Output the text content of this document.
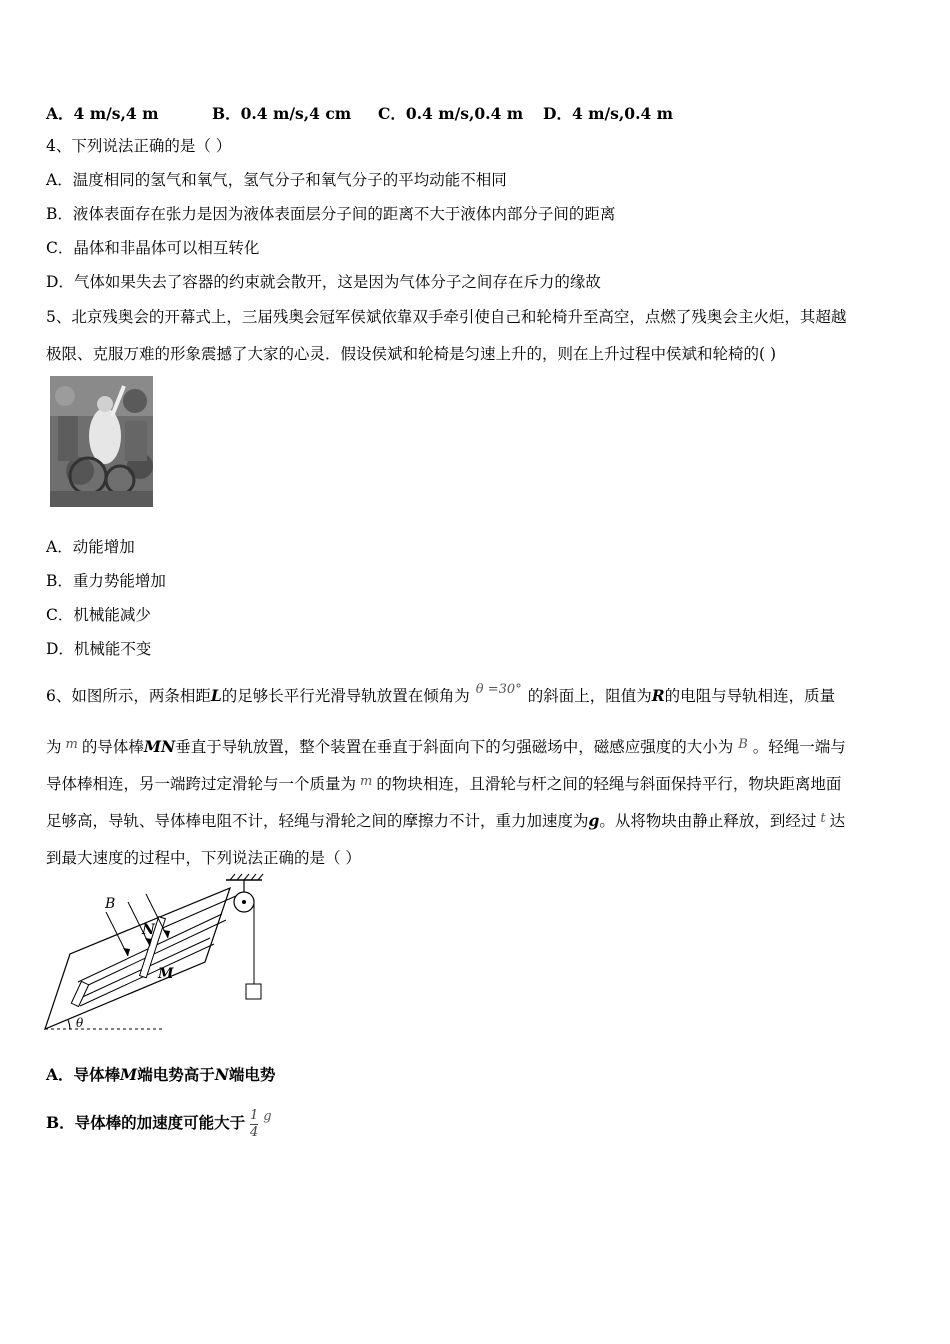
A．4 m/s,4 m	B．0.4 m/s,4 cm C．0.4 m/s,0.4 m D．4 m/s,0.4 m
4、下列说法正确的是（ ）
A．温度相同的氢气和氧气，氢气分子和氧气分子的平均动能不相同
B．液体表面存在张力是因为液体表面层分子间的距离不大于液体内部分子间的距离
C．晶体和非晶体可以相互转化
D．气体如果失去了容器的约束就会散开，这是因为气体分子之间存在斥力的缘故
5、北京残奥会的开幕式上，三届残奥会冠军侯斌依靠双手牵引使自己和轮椅升至高空，点燃了残奥会主火炬，其超越
极限、克服万难的形象震撼了大家的心灵．假设侯斌和轮椅是匀速上升的，则在上升过程中侯斌和轮椅的( )
A．动能增加
B．重力势能增加
C．机械能减少
D．机械能不变
6、如图所示，两条相距L的足够长平行光滑导轨放置在倾角为 $^{\theta =30^\circ}$ 的斜面上，阻值为R的电阻与导轨相连，质量
为 $^m$ 的导体棒MN垂直于导轨放置，整个装置在垂直于斜面向下的匀强磁场中，磁感应强度的大小为 $^B$ 。轻绳一端与
导体棒相连，另一端跨过定滑轮与一个质量为 $^m$ 的物块相连，且滑轮与杆之间的轻绳与斜面保持平行，物块距离地面
足够高，导轨、导体棒电阻不计，轻绳与滑轮之间的摩擦力不计，重力加速度为g。从将物块由静止释放，到经过 $^t$ 达
到最大速度的过程中，下列说法正确的是（ ）
B
N
M
θ
A．导体棒M端电势高于N端电势
B．导体棒的加速度可能大于 $\frac{1}{4} ^g$
